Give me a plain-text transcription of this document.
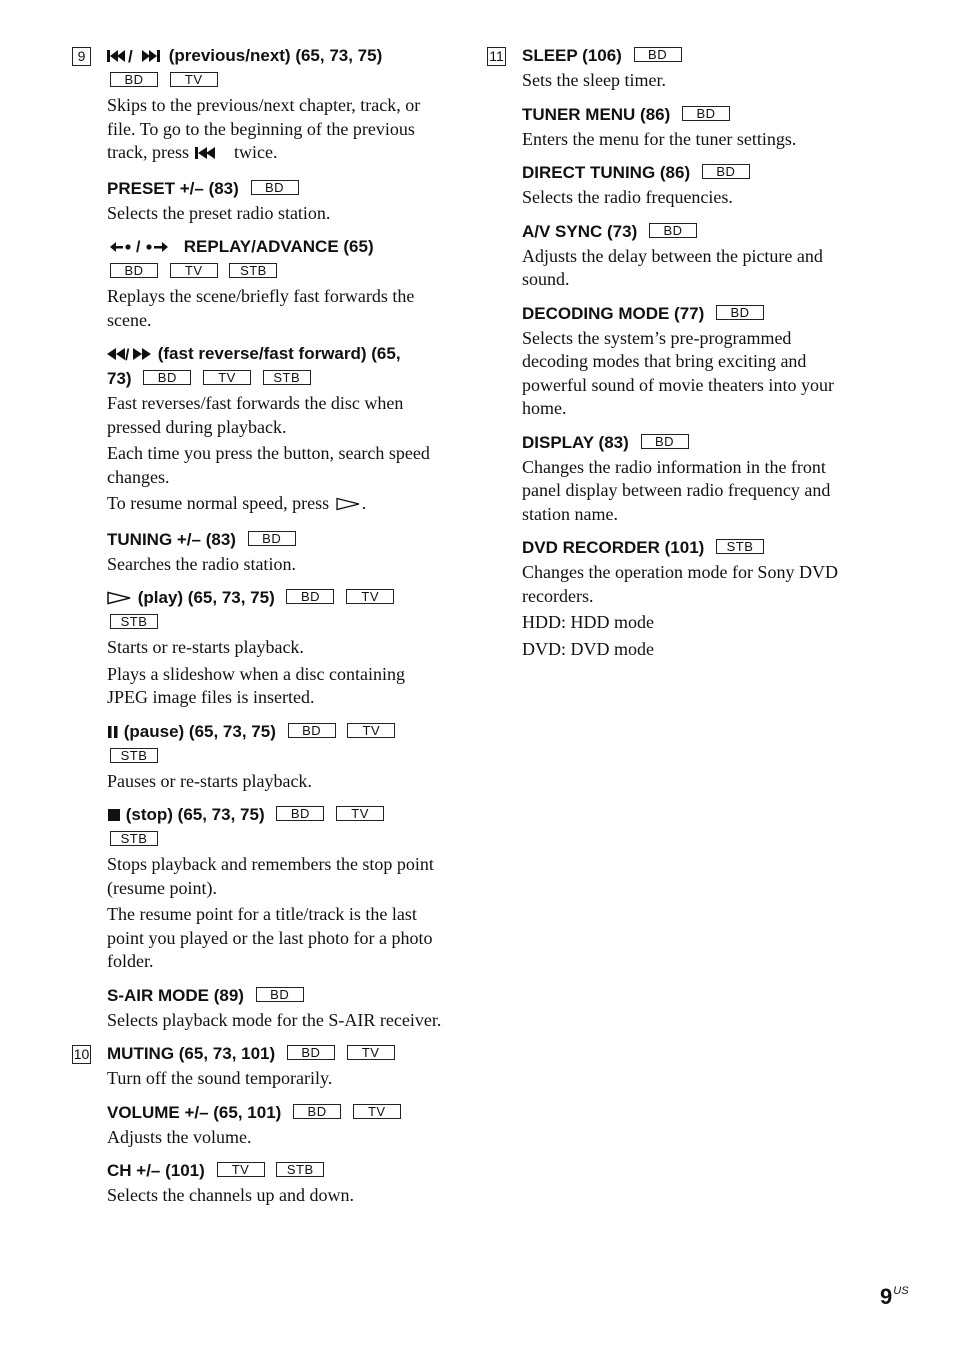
9	/ (previous/next) (65, 73, 75)
BD	TV

Skips to the previous/next chapter, track, or file. To go to the beginning of the previous track, press	twice.

PRESET +/– (83) BD

Selects the preset radio station.

/	REPLAY/ADVANCE (65)
BD	TV	STB

Replays the scene/briefly fast forwards the scene.

/ (fast reverse/fast forward) (65,
73) BD	TV	STB

Fast reverses/fast forwards the disc when pressed during playback.

Each time you press the button, search speed changes.

To resume normal speed, press .

TUNING +/– (83) BD

Searches the radio station.

(play) (65, 73, 75) BD	TV
STB

Starts or re-starts playback.

Plays a slideshow when a disc containing JPEG image files is inserted.

(pause) (65, 73, 75) BD	TV
STB

Pauses or re-starts playback.

(stop) (65, 73, 75) BD	TV
STB

Stops playback and remembers the stop point (resume point).

The resume point for a title/track is the last point you played or the last photo for a photo folder.

S-AIR MODE (89) BD

Selects playback mode for the S-AIR receiver.

10 MUTING (65, 73, 101) BD	TV

Turn off the sound temporarily.

VOLUME +/– (65, 101) BD	TV

Adjusts the volume.

CH +/– (101) TV	STB

Selects the channels up and down.

11 SLEEP (106) BD

Sets the sleep timer.

TUNER MENU (86) BD

Enters the menu for the tuner settings.

DIRECT TUNING (86) BD

Selects the radio frequencies.

A/V SYNC (73) BD

Adjusts the delay between the picture and sound.

DECODING MODE (77) BD

Selects the system’s pre-programmed decoding modes that bring exciting and powerful sound of movie theaters into your home.

DISPLAY (83) BD

Changes the radio information in the front panel display between radio frequency and station name.

DVD RECORDER (101) STB

Changes the operation mode for Sony DVD recorders.

HDD: HDD mode

DVD: DVD mode

$9^{US}$
